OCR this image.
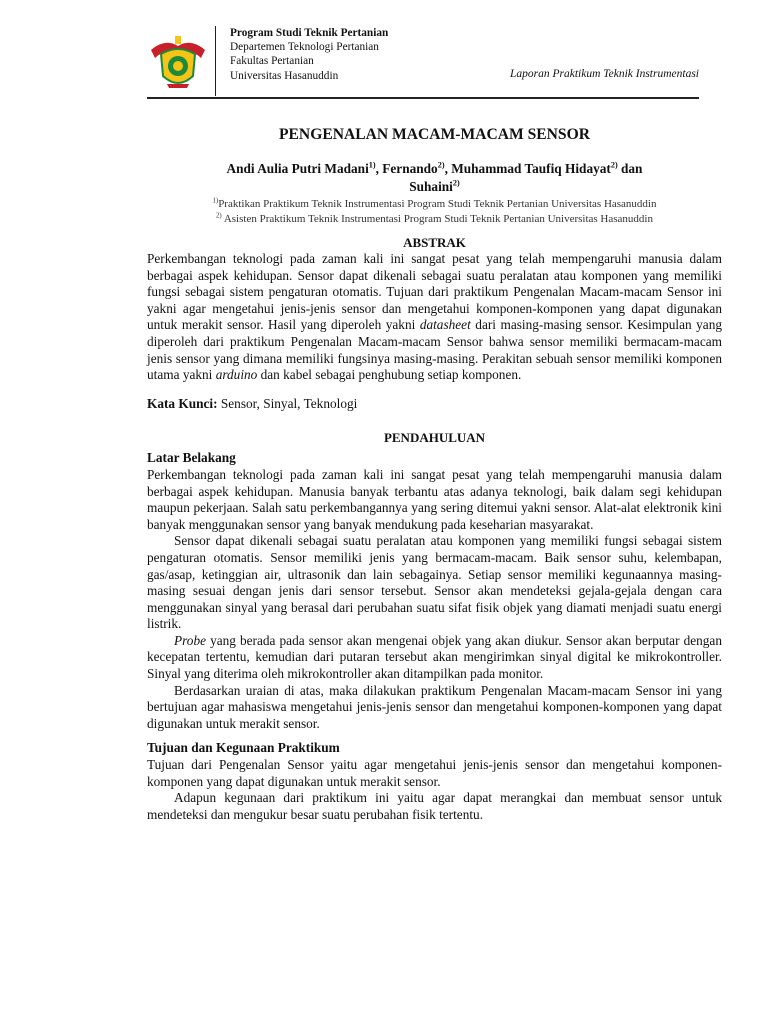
Program Studi Teknik Pertanian
Departemen Teknologi Pertanian
Fakultas Pertanian
Universitas Hasanuddin	Laporan Praktikum Teknik Instrumentasi
PENGENALAN MACAM-MACAM SENSOR
Andi Aulia Putri Madani$^{1)}$, Fernando$^{2)}$, Muhammad Taufiq Hidayat$^{2)}$ dan
Suhaini$^{2)}$
$^{1)}$Praktikan Praktikum Teknik Instrumentasi Program Studi Teknik Pertanian Universitas Hasanuddin
$^{2)}$ Asisten Praktikum Teknik Instrumentasi Program Studi Teknik Pertanian Universitas Hasanuddin
ABSTRAK

Perkembangan teknologi pada zaman kali ini sangat pesat yang telah mempengaruhi manusia dalam berbagai aspek kehidupan. Sensor dapat dikenali sebagai suatu peralatan atau komponen yang memiliki fungsi sebagai sistem pengaturan otomatis. Tujuan dari praktikum Pengenalan Macam-macam Sensor ini yakni agar mengetahui jenis-jenis sensor dan mengetahui komponen-komponen yang dapat digunakan untuk merakit sensor. Hasil yang diperoleh yakni datasheet dari masing-masing sensor. Kesimpulan yang diperoleh dari praktikum Pengenalan Macam-macam Sensor bahwa sensor memiliki bermacam-macam jenis sensor yang dimana memiliki fungsinya masing-masing. Perakitan sebuah sensor memiliki komponen utama yakni arduino dan kabel sebagai penghubung setiap komponen.

Kata Kunci: Sensor, Sinyal, Teknologi

PENDAHULUAN
Latar Belakang

Perkembangan teknologi pada zaman kali ini sangat pesat yang telah mempengaruhi manusia dalam berbagai aspek kehidupan. Manusia banyak terbantu atas adanya teknologi, baik dalam segi kehidupan maupun pekerjaan. Salah satu perkembangannya yang sering ditemui yakni sensor. Alat-alat elektronik kini banyak menggunakan sensor yang banyak mendukung pada keseharian masyarakat.

Sensor dapat dikenali sebagai suatu peralatan atau komponen yang memiliki fungsi sebagai sistem pengaturan otomatis. Sensor memiliki jenis yang bermacam-macam. Baik sensor suhu, kelembapan, gas/asap, ketinggian air, ultrasonik dan lain sebagainya. Setiap sensor memiliki kegunaannya masing-masing sesuai dengan jenis dari sensor tersebut. Sensor akan mendeteksi gejala-gejala dengan cara menggunakan sinyal yang berasal dari perubahan suatu sifat fisik objek yang diamati menjadi suatu energi listrik.

Probe yang berada pada sensor akan mengenai objek yang akan diukur. Sensor akan berputar dengan kecepatan tertentu, kemudian dari putaran tersebut akan mengirimkan sinyal digital ke mikrokontroller. Sinyal yang diterima oleh mikrokontroller akan ditampilkan pada monitor.

Berdasarkan uraian di atas, maka dilakukan praktikum Pengenalan Macam-macam Sensor ini yang bertujuan agar mahasiswa mengetahui jenis-jenis sensor dan mengetahui komponen-komponen yang dapat digunakan untuk merakit sensor.

Tujuan dan Kegunaan Praktikum

Tujuan dari Pengenalan Sensor yaitu agar mengetahui jenis-jenis sensor dan mengetahui komponen-komponen yang dapat digunakan untuk merakit sensor.

Adapun kegunaan dari praktikum ini yaitu agar dapat merangkai dan membuat sensor untuk mendeteksi dan mengukur besar suatu perubahan fisik tertentu.
